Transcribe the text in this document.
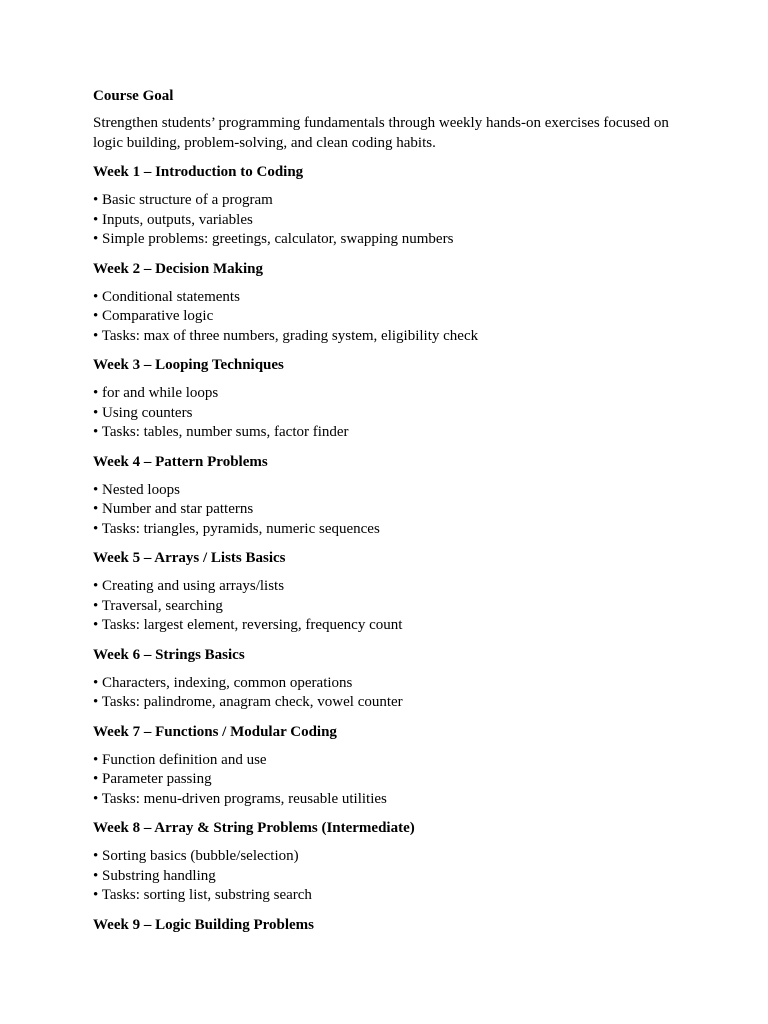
Course Goal

Strengthen students’ programming fundamentals through weekly hands-on exercises focused on logic building, problem-solving, and clean coding habits.

Week 1 – Introduction to Coding

• Basic structure of a program
• Inputs, outputs, variables
• Simple problems: greetings, calculator, swapping numbers

Week 2 – Decision Making

• Conditional statements
• Comparative logic
• Tasks: max of three numbers, grading system, eligibility check

Week 3 – Looping Techniques

• for and while loops
• Using counters
• Tasks: tables, number sums, factor finder

Week 4 – Pattern Problems

• Nested loops
• Number and star patterns
• Tasks: triangles, pyramids, numeric sequences

Week 5 – Arrays / Lists Basics

• Creating and using arrays/lists
• Traversal, searching
• Tasks: largest element, reversing, frequency count

Week 6 – Strings Basics

• Characters, indexing, common operations
• Tasks: palindrome, anagram check, vowel counter

Week 7 – Functions / Modular Coding

• Function definition and use
• Parameter passing
• Tasks: menu-driven programs, reusable utilities

Week 8 – Array & String Problems (Intermediate)

• Sorting basics (bubble/selection)
• Substring handling
• Tasks: sorting list, substring search

Week 9 – Logic Building Problems
